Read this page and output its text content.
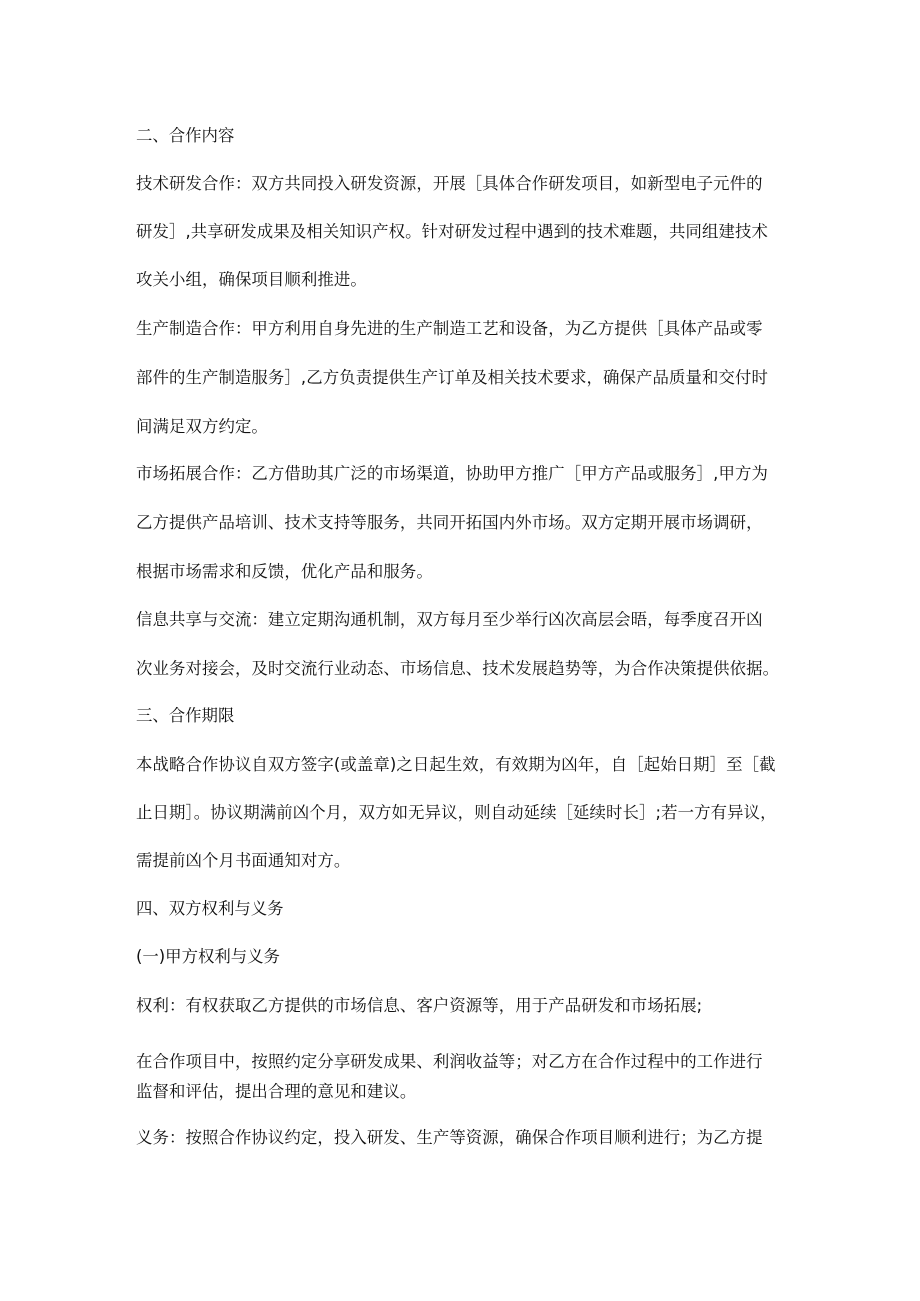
二、合作内容

技术研发合作：双方共同投入研发资源，开展［具体合作研发项目，如新型电子元件的

研发］,共享研发成果及相关知识产权。针对研发过程中遇到的技术难题，共同组建技术

攻关小组，确保项目顺利推进。

生产制造合作：甲方利用自身先进的生产制造工艺和设备，为乙方提供［具体产品或零

部件的生产制造服务］,乙方负责提供生产订单及相关技术要求，确保产品质量和交付时

间满足双方约定。

市场拓展合作：乙方借助其广泛的市场渠道，协助甲方推广［甲方产品或服务］,甲方为

乙方提供产品培训、技术支持等服务，共同开拓国内外市场。双方定期开展市场调研，

根据市场需求和反馈，优化产品和服务。

信息共享与交流：建立定期沟通机制，双方每月至少举行凶次高层会晤，每季度召开凶

次业务对接会，及时交流行业动态、市场信息、技术发展趋势等，为合作决策提供依据。

三、合作期限

本战略合作协议自双方签字(或盖章)之日起生效，有效期为凶年，自［起始日期］至［截

止日期］。协议期满前凶个月，双方如无异议，则自动延续［延续时长］;若一方有异议，

需提前凶个月书面通知对方。

四、双方权利与义务

(一)甲方权利与义务

权利：有权获取乙方提供的市场信息、客户资源等，用于产品研发和市场拓展;

在合作项目中，按照约定分享研发成果、利润收益等；对乙方在合作过程中的工作进行

监督和评估，提出合理的意见和建议。

义务：按照合作协议约定，投入研发、生产等资源，确保合作项目顺利进行；为乙方提
